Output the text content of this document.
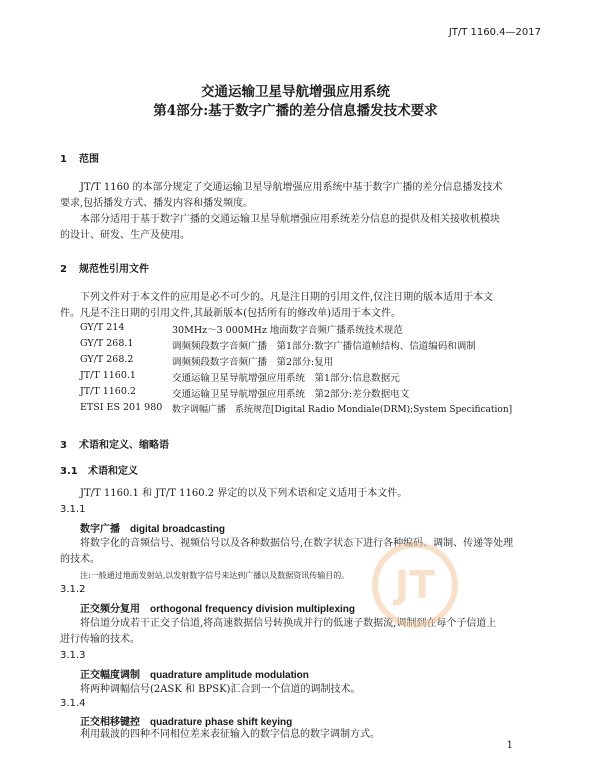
JT/T 1160.4—2017
交通运输卫星导航增强应用系统
第4部分:基于数字广播的差分信息播发技术要求
1 范围
JT/T 1160 的本部分规定了交通运输卫星导航增强应用系统中基于数字广播的差分信息播发技术
要求,包括播发方式、播发内容和播发频度。
本部分适用于基于数字广播的交通运输卫星导航增强应用系统差分信息的提供及相关接收机模块
的设计、研发、生产及使用。
2 规范性引用文件
下列文件对于本文件的应用是必不可少的。凡是注日期的引用文件,仅注日期的版本适用于本文
件。凡是不注日期的引用文件,其最新版本(包括所有的修改单)适用于本文件。
GY/T 214	30MHz～3 000MHz 地面数字音频广播系统技术规范
GY/T 268.1	调频频段数字音频广播　第1部分:数字广播信道帧结构、信道编码和调制
GY/T 268.2	调频频段数字音频广播　第2部分:复用
JT/T 1160.1	交通运输卫星导航增强应用系统　第1部分:信息数据元
JT/T 1160.2	交通运输卫星导航增强应用系统　第2部分:差分数据电文
ETSI ES 201 980 数字调幅广播　系统规范[Digital Radio Mondiale(DRM);System Specification]
3 术语和定义、缩略语
3.1 术语和定义
JT/T 1160.1 和 JT/T 1160.2 界定的以及下列术语和定义适用于本文件。
3.1.1
数字广播 digital broadcasting
将数字化的音频信号、视频信号以及各种数据信号,在数字状态下进行各种编码、调制、传递等处理
的技术。
注:一般通过地面发射站,以发射数字信号来达到广播以及数据资讯传输目的。
3.1.2
正交频分复用 orthogonal frequency division multiplexing
将信道分成若干正交子信道,将高速数据信号转换成并行的低速子数据流,调制到在每个子信道上
进行传输的技术。
3.1.3
正交幅度调制 quadrature amplitude modulation
将两种调幅信号(2ASK 和 BPSK)汇合到一个信道的调制技术。
3.1.4
正交相移键控 quadrature phase shift keying
利用载波的四种不同相位差来表征输入的数字信息的数字调制方式。
JT
1
